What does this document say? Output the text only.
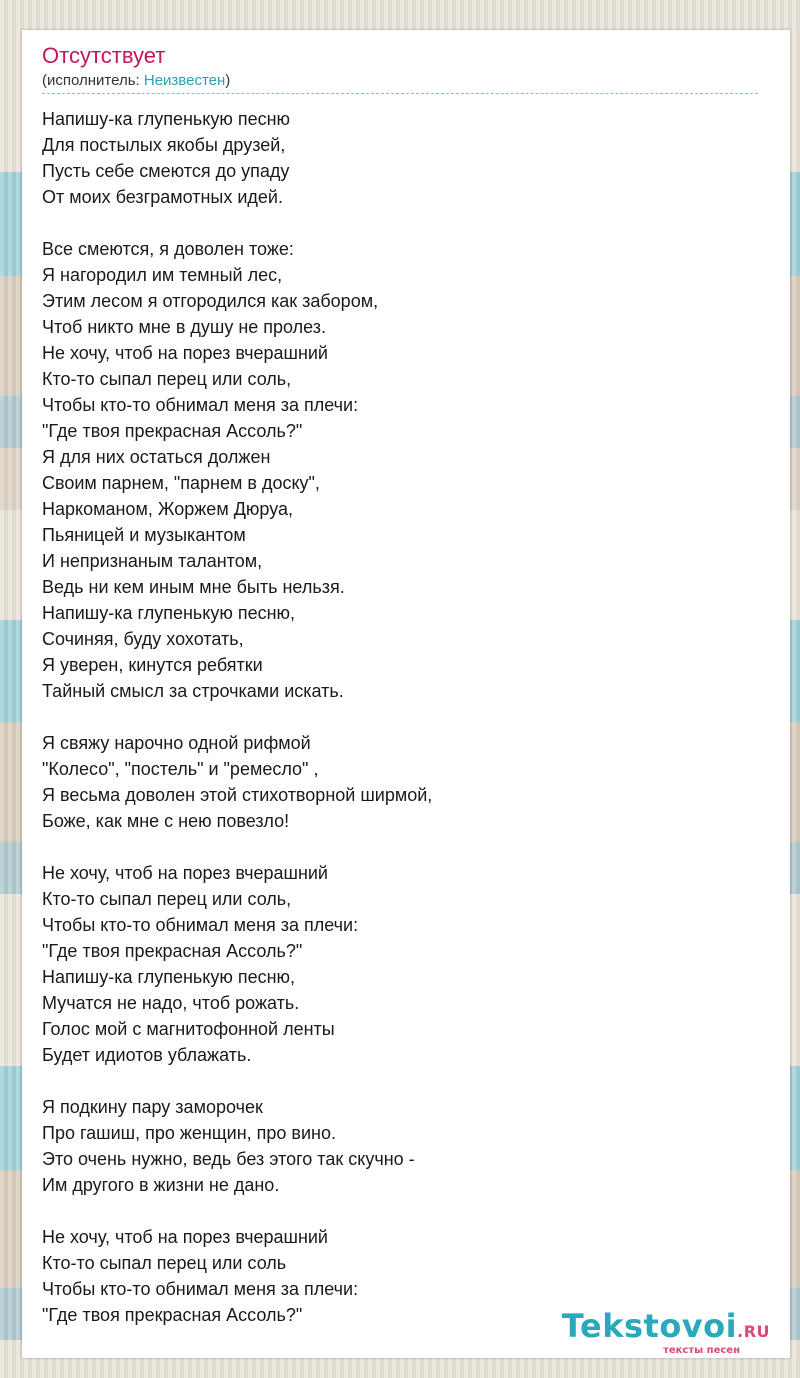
Отсутствует
(исполнитель: Неизвестен)
Напишу-ка глупенькую песню
Для постылых якобы друзей,
Пусть себе смеются до упаду
От моих безграмотных идей.
Все смеются, я доволен тоже:
Я нагородил им темный лес,
Этим лесом я отгородился как забором,
Чтоб никто мне в душу не пролез.
Не хочу, чтоб на порез вчерашний
Кто-то сыпал перец или соль,
Чтобы кто-то обнимал меня за плечи:
"Где твоя прекрасная Ассоль?"
Я для них остаться должен
Своим парнем, "парнем в доску",
Наркоманом, Жоржем Дюруа,
Пьяницей и музыкантом
И непризнаным талантом,
Ведь ни кем иным мне быть нельзя.
Напишу-ка глупенькую песню,
Сочиняя, буду хохотать,
Я уверен, кинутся ребятки
Тайный смысл за строчками искать.
Я свяжу нарочно одной рифмой
"Колесо", "постель" и "ремесло" ,
Я весьма доволен этой стихотворной ширмой,
Боже, как мне с нею повезло!
Не хочу, чтоб на порез вчерашний
Кто-то сыпал перец или соль,
Чтобы кто-то обнимал меня за плечи:
"Где твоя прекрасная Ассоль?"
Напишу-ка глупенькую песню,
Мучатся не надо, чтоб рожать.
Голос мой с магнитофонной ленты
Будет идиотов ублажать.
Я подкину пару заморочек
Про гашиш, про женщин, про вино.
Это очень нужно, ведь без этого так скучно -
Им другого в жизни не дано.
Не хочу, чтоб на порез вчерашний
Кто-то сыпал перец или соль
Чтобы кто-то обнимал меня за плечи:
"Где твоя прекрасная Ассоль?"	Tekstovoi.RU
тексты песен
